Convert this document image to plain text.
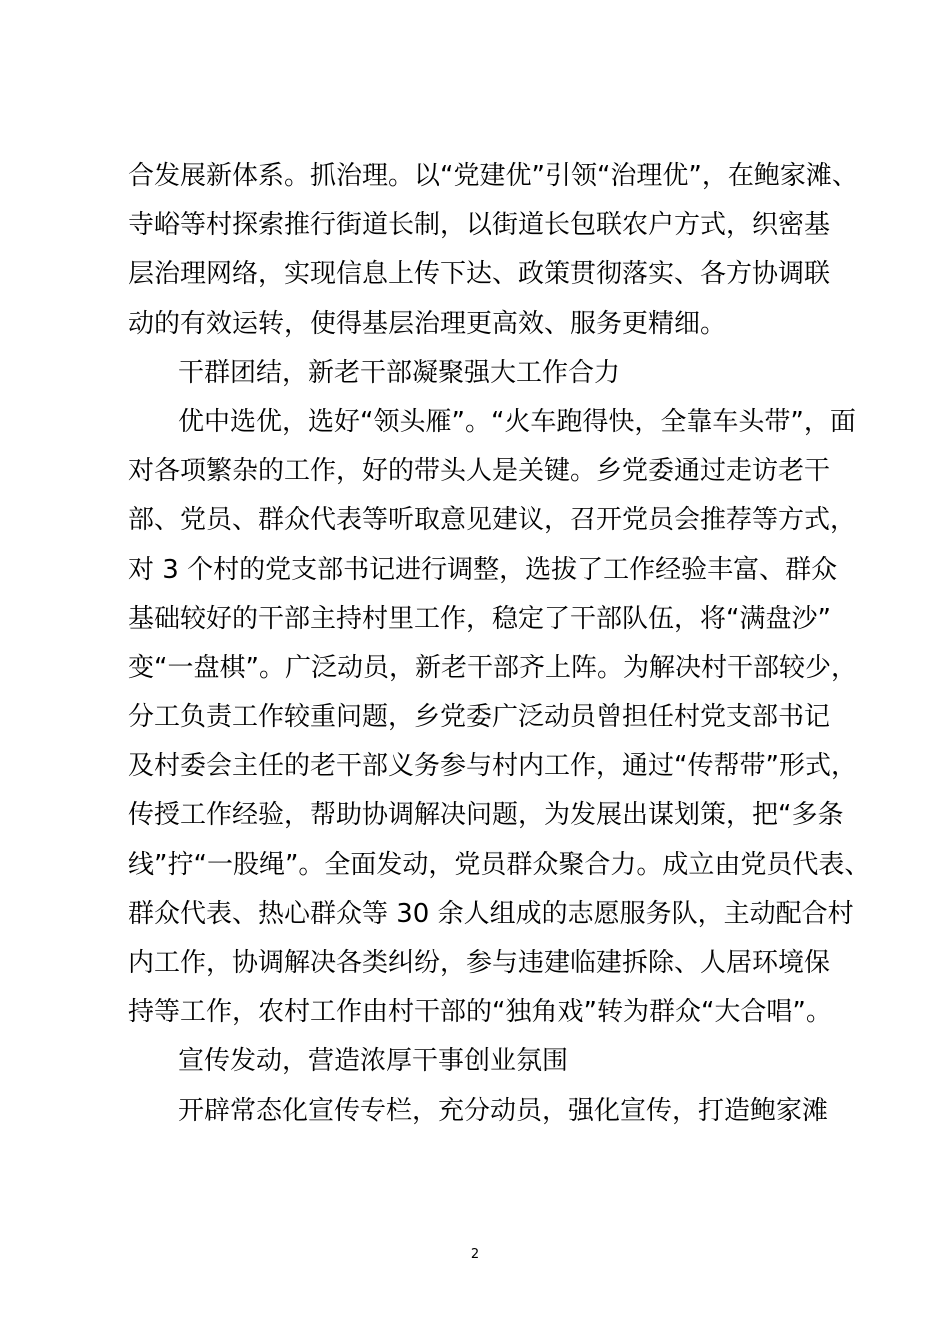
合发展新体系。抓治理。以“党建优”引领“治理优”，在鲍家滩、
寺峪等村探索推行街道长制，以街道长包联农户方式，织密基
层治理网络，实现信息上传下达、政策贯彻落实、各方协调联
动的有效运转，使得基层治理更高效、服务更精细。
干群团结，新老干部凝聚强大工作合力
优中选优，选好“领头雁”。“火车跑得快，全靠车头带”，面
对各项繁杂的工作，好的带头人是关键。乡党委通过走访老干
部、党员、群众代表等听取意见建议，召开党员会推荐等方式，
对 3 个村的党支部书记进行调整，选拔了工作经验丰富、群众
基础较好的干部主持村里工作，稳定了干部队伍，将“满盘沙”
变“一盘棋”。广泛动员，新老干部齐上阵。为解决村干部较少，
分工负责工作较重问题，乡党委广泛动员曾担任村党支部书记
及村委会主任的老干部义务参与村内工作，通过“传帮带”形式，
传授工作经验，帮助协调解决问题，为发展出谋划策，把“多条
线”拧“一股绳”。全面发动，党员群众聚合力。成立由党员代表、
群众代表、热心群众等 30 余人组成的志愿服务队，主动配合村
内工作，协调解决各类纠纷，参与违建临建拆除、人居环境保
持等工作，农村工作由村干部的“独角戏”转为群众“大合唱”。
宣传发动，营造浓厚干事创业氛围
开辟常态化宣传专栏，充分动员，强化宣传，打造鲍家滩
2
